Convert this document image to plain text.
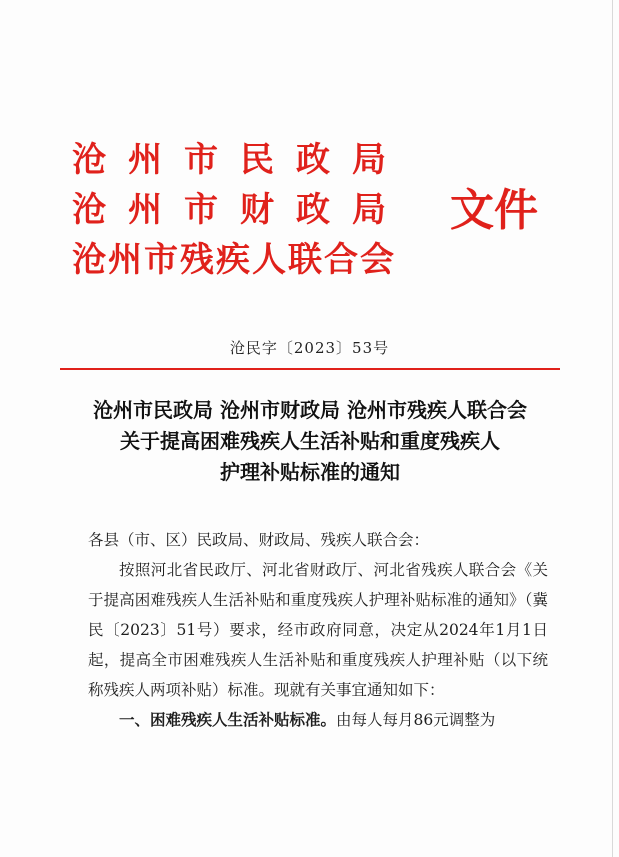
沧州市民政局
沧州市财政局
沧州市残疾人联合会
文件
沧民字〔2023〕53号
沧州市民政局 沧州市财政局 沧州市残疾人联合会
关于提高困难残疾人生活补贴和重度残疾人
护理补贴标准的通知
各县（市、区）民政局、财政局、残疾人联合会：
按照河北省民政厅、河北省财政厅、河北省残疾人联合会《关于提高困难残疾人生活补贴和重度残疾人护理补贴标准的通知》（冀民〔2023〕51号）要求，经市政府同意，决定从2024年1月1日起，提高全市困难残疾人生活补贴和重度残疾人护理补贴（以下统称残疾人两项补贴）标准。现就有关事宜通知如下：
一、困难残疾人生活补贴标准。由每人每月86元调整为
